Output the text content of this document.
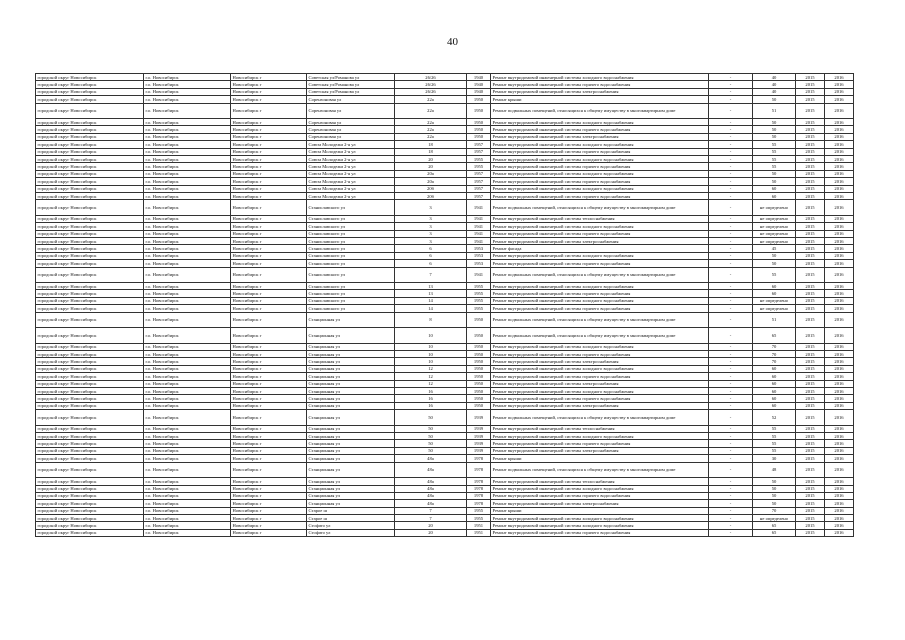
40
городской округ Новосибирск	г.о. Новосибирск	Новосибирск г	Советская ул/Романова ул	26/26	1940	Ремонт внутридомовой инженерной системы холодного водоснабжения	-	40	2015	2016
городской округ Новосибирск	г.о. Новосибирск	Новосибирск г	Советская ул/Романова ул	26/26	1940	Ремонт внутридомовой инженерной системы горячего водоснабжения	-	40	2015	2016
городской округ Новосибирск	г.о. Новосибирск	Новосибирск г	Советская ул/Романова ул	26/26	1940	Ремонт внутридомовой инженерной системы электроснабжения	-	40	2015	2016
городской округ Новосибирск	г.о. Новосибирск	Новосибирск г	Сорензоновая ул	22а	1950	Ремонт крыши	-	50	2015	2016
городской округ Новосибирск	г.о. Новосибирск	Новосибирск г	Сорензоновая ул	22а	1950	Ремонт подвальных помещений, относящихся к общему имуществу в многоквартирном доме	-	51	2015	2016
городской округ Новосибирск	г.о. Новосибирск	Новосибирск г	Сорензоновая ул	22а	1950	Ремонт внутридомовой инженерной системы холодного водоснабжения	-	50	2015	2016
городской округ Новосибирск	г.о. Новосибирск	Новосибирск г	Сорензоновая ул	22а	1950	Ремонт внутридомовой инженерной системы горячего водоснабжения	-	50	2015	2016
городской округ Новосибирск	г.о. Новосибирск	Новосибирск г	Сорензоновая ул	22а	1950	Ремонт внутридомовой инженерной системы электроснабжения	-	50	2015	2016
городской округ Новосибирск	г.о. Новосибирск	Новосибирск г	Союза Молодежи 2-я ул	18	1957	Ремонт внутридомовой инженерной системы холодного водоснабжения	-	55	2015	2016
городской округ Новосибирск	г.о. Новосибирск	Новосибирск г	Союза Молодежи 2-я ул	18	1957	Ремонт внутридомовой инженерной системы горячего водоснабжения	-	55	2015	2016
городской округ Новосибирск	г.о. Новосибирск	Новосибирск г	Союза Молодежи 2-я ул	20	1955	Ремонт внутридомовой инженерной системы холодного водоснабжения	-	55	2015	2016
городской округ Новосибирск	г.о. Новосибирск	Новосибирск г	Союза Молодежи 2-я ул	20	1955	Ремонт внутридомовой инженерной системы горячего водоснабжения	-	55	2015	2016
городской округ Новосибирск	г.о. Новосибирск	Новосибирск г	Союза Молодежи 2-я ул	20а	1957	Ремонт внутридомовой инженерной системы холодного водоснабжения	-	50	2015	2016
городской округ Новосибирск	г.о. Новосибирск	Новосибирск г	Союза Молодежи 2-я ул	20а	1957	Ремонт внутридомовой инженерной системы горячего водоснабжения	-	50	2015	2016
городской округ Новосибирск	г.о. Новосибирск	Новосибирск г	Союза Молодежи 2-я ул	20б	1957	Ремонт внутридомовой инженерной системы холодного водоснабжения	-	60	2015	2016
городской округ Новосибирск	г.о. Новосибирск	Новосибирск г	Союза Молодежи 2-я ул	20б	1957	Ремонт внутридомовой инженерной системы горячего водоснабжения	-	60	2015	2016
городской округ Новосибирск	г.о. Новосибирск	Новосибирск г	Станиславского ул	3	1941	Ремонт подвальных помещений, относящихся к общему имуществу в многоквартирном доме	-	не определено	2015	2016
городской округ Новосибирск	г.о. Новосибирск	Новосибирск г	Станиславского ул	3	1941	Ремонт внутридомовой инженерной системы теплоснабжения	-	не определено	2015	2016
городской округ Новосибирск	г.о. Новосибирск	Новосибирск г	Станиславского ул	3	1941	Ремонт внутридомовой инженерной системы холодного водоснабжения	-	не определено	2015	2016
городской округ Новосибирск	г.о. Новосибирск	Новосибирск г	Станиславского ул	3	1941	Ремонт внутридомовой инженерной системы горячего водоснабжения	-	не определено	2015	2016
городской округ Новосибирск	г.о. Новосибирск	Новосибирск г	Станиславского ул	3	1941	Ремонт внутридомовой инженерной системы электроснабжения	-	не определено	2015	2016
городской округ Новосибирск	г.о. Новосибирск	Новосибирск г	Станиславского ул	6	1953	Ремонт фасада	-	45	2015	2016
городской округ Новосибирск	г.о. Новосибирск	Новосибирск г	Станиславского ул	6	1953	Ремонт внутридомовой инженерной системы холодного водоснабжения	-	50	2015	2016
городской округ Новосибирск	г.о. Новосибирск	Новосибирск г	Станиславского ул	6	1953	Ремонт внутридомовой инженерной системы горячего водоснабжения	-	50	2015	2016
городской округ Новосибирск	г.о. Новосибирск	Новосибирск г	Станиславского ул	7	1941	Ремонт подвальных помещений, относящихся к общему имуществу в многоквартирном доме	-	55	2015	2016
городской округ Новосибирск	г.о. Новосибирск	Новосибирск г	Станиславского ул	13	1955	Ремонт внутридомовой инженерной системы холодного водоснабжения	-	60	2015	2016
городской округ Новосибирск	г.о. Новосибирск	Новосибирск г	Станиславского ул	13	1955	Ремонт внутридомовой инженерной системы горячего водоснабжения	-	60	2015	2016
городской округ Новосибирск	г.о. Новосибирск	Новосибирск г	Станиславского ул	14	1955	Ремонт внутридомовой инженерной системы холодного водоснабжения	-	не определено	2015	2016
городской округ Новосибирск	г.о. Новосибирск	Новосибирск г	Станиславского ул	14	1955	Ремонт внутридомовой инженерной системы горячего водоснабжения	-	не определено	2015	2016
городской округ Новосибирск	г.о. Новосибирск	Новосибирск г	Станционная ул	8	1950	Ремонт подвальных помещений, относящихся к общему имуществу в многоквартирном доме	-	51	2015	2016
городской округ Новосибирск	г.о. Новосибирск	Новосибирск г	Станционная ул	10	1950	Ремонт подвальных помещений, относящихся к общему имуществу в многоквартирном доме	-	65	2015	2016
городской округ Новосибирск	г.о. Новосибирск	Новосибирск г	Станционная ул	10	1950	Ремонт внутридомовой инженерной системы холодного водоснабжения	-	70	2015	2016
городской округ Новосибирск	г.о. Новосибирск	Новосибирск г	Станционная ул	10	1950	Ремонт внутридомовой инженерной системы горячего водоснабжения	-	70	2015	2016
городской округ Новосибирск	г.о. Новосибирск	Новосибирск г	Станционная ул	10	1950	Ремонт внутридомовой инженерной системы электроснабжения	-	70	2015	2016
городской округ Новосибирск	г.о. Новосибирск	Новосибирск г	Станционная ул	12	1950	Ремонт внутридомовой инженерной системы холодного водоснабжения	-	60	2015	2016
городской округ Новосибирск	г.о. Новосибирск	Новосибирск г	Станционная ул	12	1950	Ремонт внутридомовой инженерной системы горячего водоснабжения	-	60	2015	2016
городской округ Новосибирск	г.о. Новосибирск	Новосибирск г	Станционная ул	12	1950	Ремонт внутридомовой инженерной системы электроснабжения	-	60	2015	2016
городской округ Новосибирск	г.о. Новосибирск	Новосибирск г	Станционная ул	16	1950	Ремонт внутридомовой инженерной системы холодного водоснабжения	-	60	2015	2016
городской округ Новосибирск	г.о. Новосибирск	Новосибирск г	Станционная ул	16	1950	Ремонт внутридомовой инженерной системы горячего водоснабжения	-	60	2015	2016
городской округ Новосибирск	г.о. Новосибирск	Новосибирск г	Станционная ул	16	1950	Ремонт внутридомовой инженерной системы электроснабжения	-	60	2015	2016
городской округ Новосибирск	г.о. Новосибирск	Новосибирск г	Станционная ул	50	1939	Ремонт подвальных помещений, относящихся к общему имуществу в многоквартирном доме	-	52	2015	2016
городской округ Новосибирск	г.о. Новосибирск	Новосибирск г	Станционная ул	50	1939	Ремонт внутридомовой инженерной системы теплоснабжения	-	55	2015	2016
городской округ Новосибирск	г.о. Новосибирск	Новосибирск г	Станционная ул	50	1939	Ремонт внутридомовой инженерной системы холодного водоснабжения	-	55	2015	2016
городской округ Новосибирск	г.о. Новосибирск	Новосибирск г	Станционная ул	50	1939	Ремонт внутридомовой инженерной системы горячего водоснабжения	-	55	2015	2016
городской округ Новосибирск	г.о. Новосибирск	Новосибирск г	Станционная ул	50	1939	Ремонт внутридомовой инженерной системы электроснабжения	-	55	2015	2016
городской округ Новосибирск	г.о. Новосибирск	Новосибирск г	Станционная ул	48а	1978	Ремонт крыши	-	30	2015	2016
городской округ Новосибирск	г.о. Новосибирск	Новосибирск г	Станционная ул	48а	1978	Ремонт подвальных помещений, относящихся к общему имуществу в многоквартирном доме	-	48	2015	2016
городской округ Новосибирск	г.о. Новосибирск	Новосибирск г	Станционная ул	48а	1978	Ремонт внутридомовой инженерной системы теплоснабжения	-	50	2015	2016
городской округ Новосибирск	г.о. Новосибирск	Новосибирск г	Станционная ул	48а	1978	Ремонт внутридомовой инженерной системы холодного водоснабжения	-	50	2015	2016
городской округ Новосибирск	г.о. Новосибирск	Новосибирск г	Станционная ул	48а	1978	Ремонт внутридомовой инженерной системы горячего водоснабжения	-	50	2015	2016
городской округ Новосибирск	г.о. Новосибирск	Новосибирск г	Станционная ул	48а	1978	Ремонт внутридомовой инженерной системы электроснабжения	-	50	2015	2016
городской округ Новосибирск	г.о. Новосибирск	Новосибирск г	Старое ш	7	1955	Ремонт крыши	-	70	2015	2016
городской округ Новосибирск	г.о. Новосибирск	Новосибирск г	Старое ш	7	1955	Ремонт внутридомовой инженерной системы холодного водоснабжения	-	не определено	2015	2016
городской округ Новосибирск	г.о. Новосибирск	Новосибирск г	Стофато ул	20	1951	Ремонт внутридомовой инженерной системы холодного водоснабжения	-	65	2015	2016
городской округ Новосибирск	г.о. Новосибирск	Новосибирск г	Стофато ул	20	1951	Ремонт внутридомовой инженерной системы горячего водоснабжения	-	65	2015	2016
